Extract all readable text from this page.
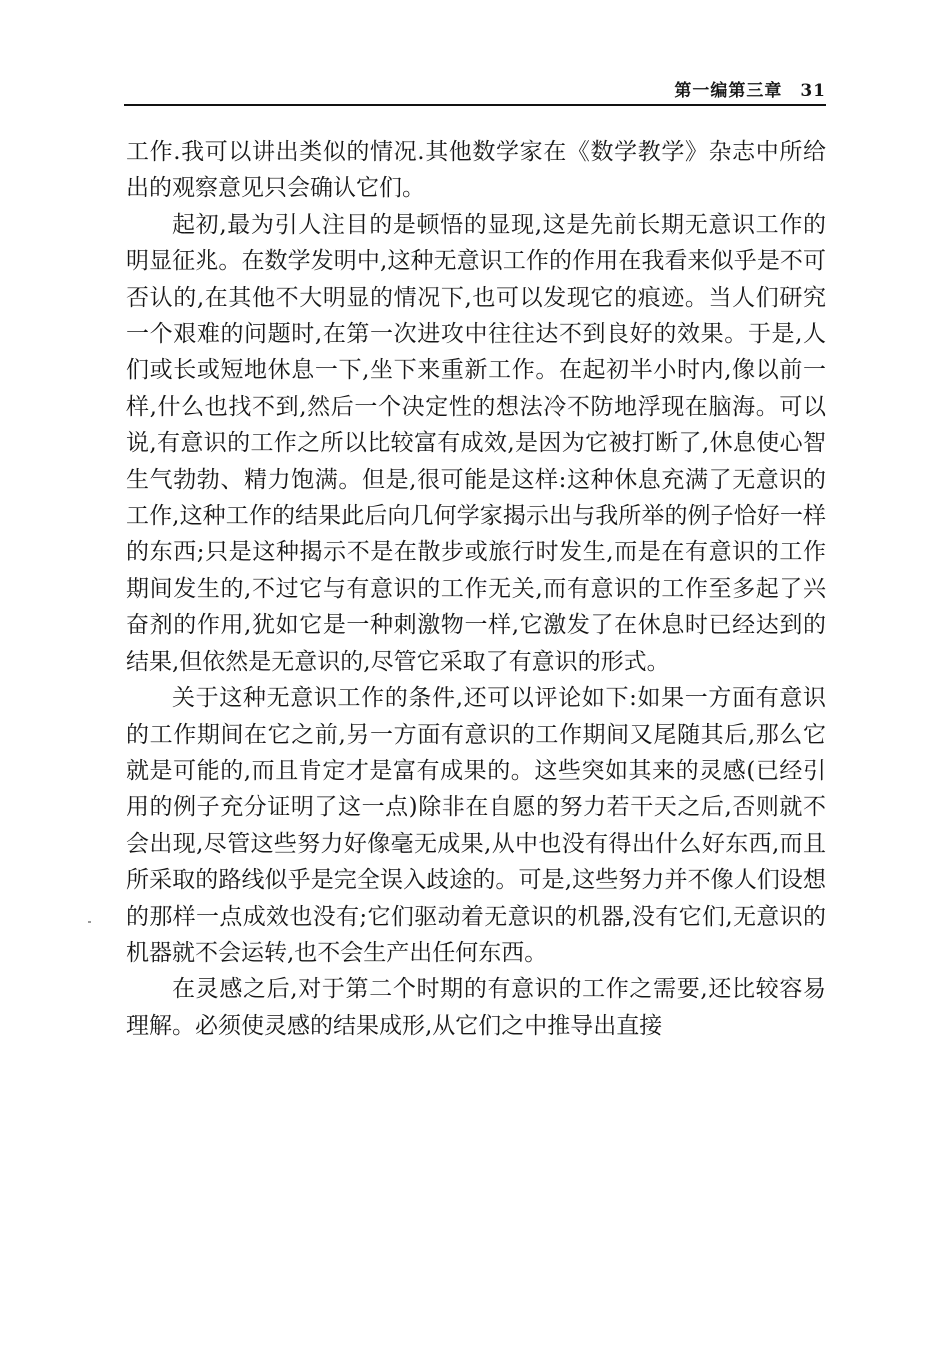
第一编第三章 31

工作.我可以讲出类似的情况.其他数学家在《数学教学》杂志中所给出的观察意见只会确认它们。

起初,最为引人注目的是顿悟的显现,这是先前长期无意识工作的明显征兆。在数学发明中,这种无意识工作的作用在我看来似乎是不可否认的,在其他不大明显的情况下,也可以发现它的痕迹。当人们研究一个艰难的问题时,在第一次进攻中往往达不到良好的效果。于是,人们或长或短地休息一下,坐下来重新工作。在起初半小时内,像以前一样,什么也找不到,然后一个决定性的想法冷不防地浮现在脑海。可以说,有意识的工作之所以比较富有成效,是因为它被打断了,休息使心智生气勃勃、精力饱满。但是,很可能是这样:这种休息充满了无意识的工作,这种工作的结果此后向几何学家揭示出与我所举的例子恰好一样的东西;只是这种揭示不是在散步或旅行时发生,而是在有意识的工作期间发生的,不过它与有意识的工作无关,而有意识的工作至多起了兴奋剂的作用,犹如它是一种刺激物一样,它激发了在休息时已经达到的结果,但依然是无意识的,尽管它采取了有意识的形式。

关于这种无意识工作的条件,还可以评论如下:如果一方面有意识的工作期间在它之前,另一方面有意识的工作期间又尾随其后,那么它就是可能的,而且肯定才是富有成果的。这些突如其来的灵感(已经引用的例子充分证明了这一点)除非在自愿的努力若干天之后,否则就不会出现,尽管这些努力好像毫无成果,从中也没有得出什么好东西,而且所采取的路线似乎是完全误入歧途的。可是,这些努力并不像人们设想的那样一点成效也没有;它们驱动着无意识的机器,没有它们,无意识的机器就不会运转,也不会生产出任何东西。

在灵感之后,对于第二个时期的有意识的工作之需要,还比较容易理解。必须使灵感的结果成形,从它们之中推导出直接
